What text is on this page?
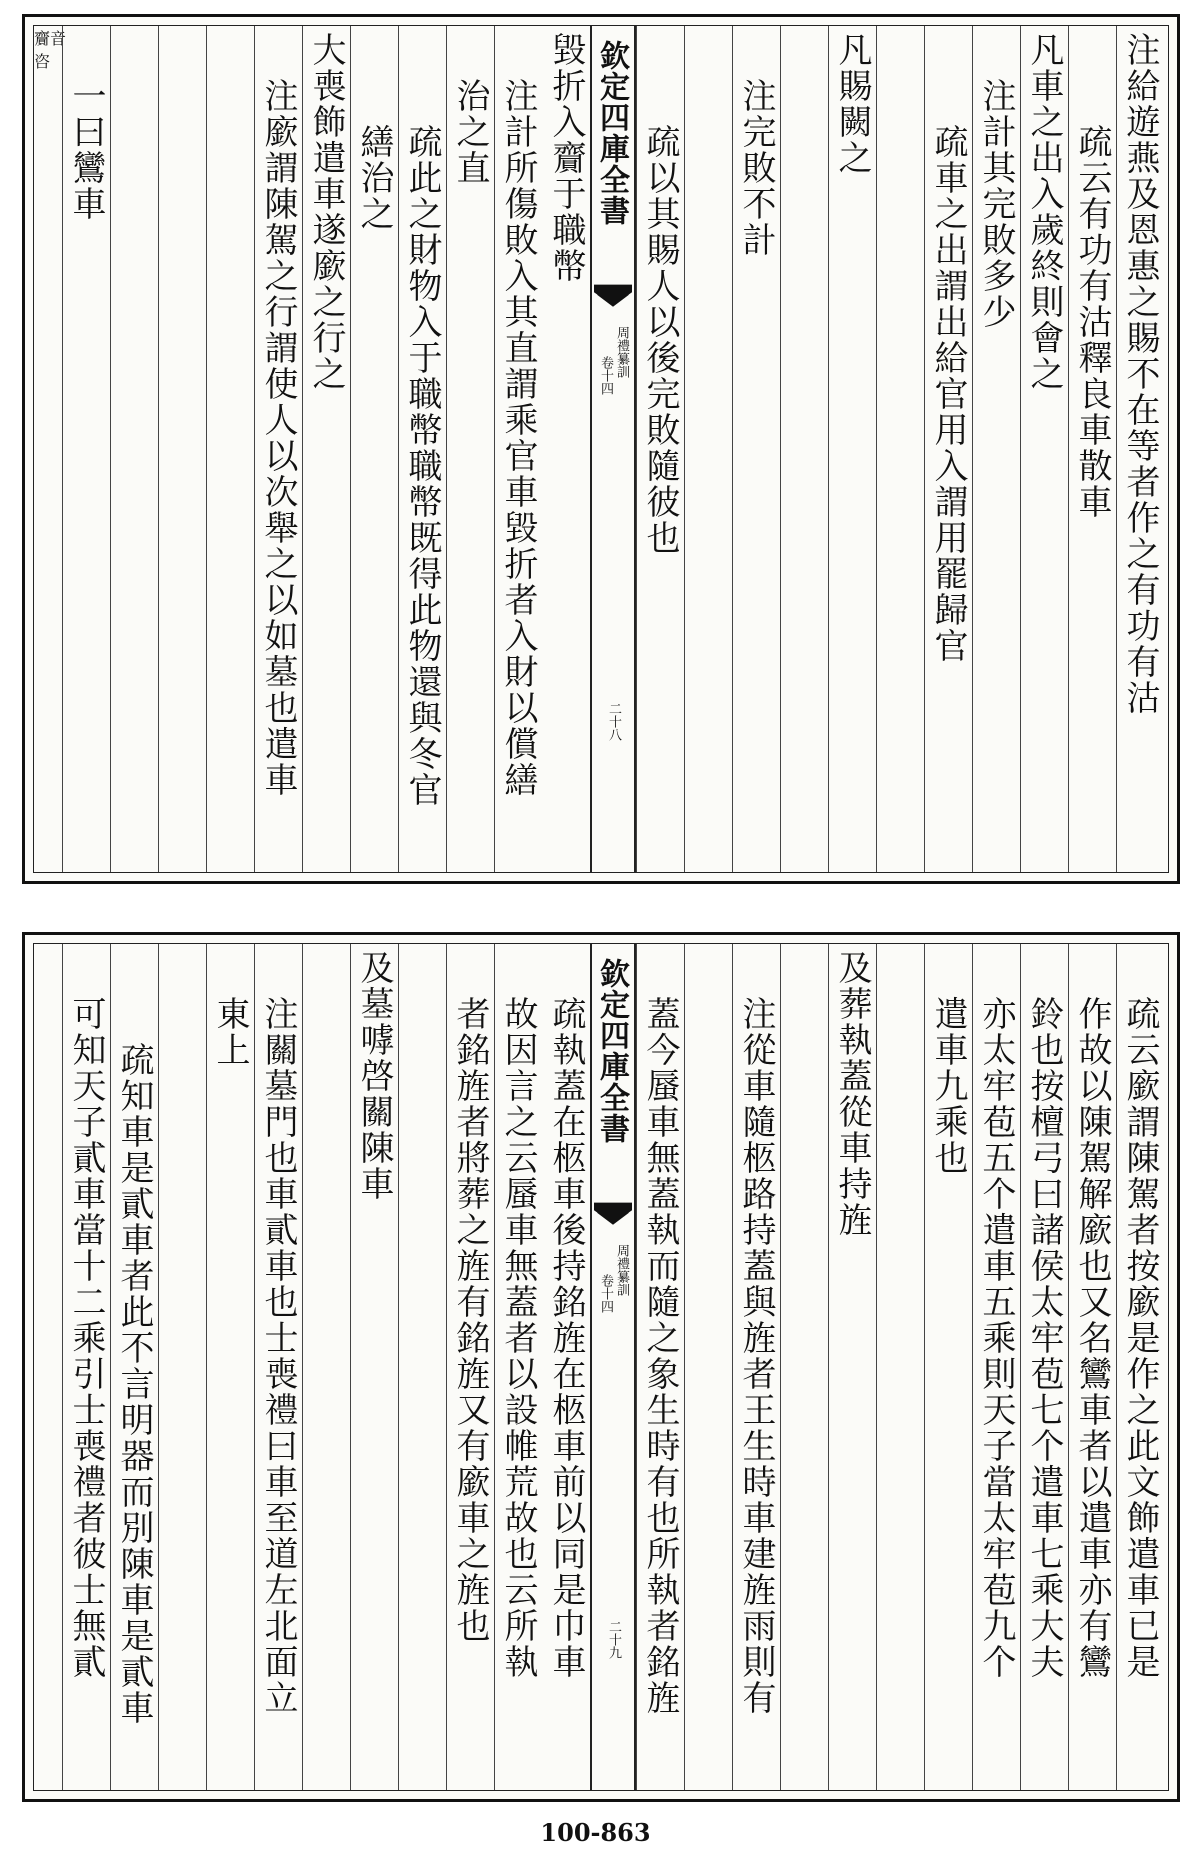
注給遊燕及恩惠之賜不在等者作之有功有沽
疏云有功有沽釋良車散車
凡車之出入歲終則會之
注計其完敗多少
疏車之出謂出給官用入謂用罷歸官
凡賜闕之
注完敗不計
疏以其賜人以後完敗隨彼也
欽定四庫全書
周禮纂訓
卷十四
二十八
毀折入齎于職幣
齎音
咨
注計所傷敗入其直謂乘官車毀折者入財以償繕
治之直
疏此之財物入于職幣職幣既得此物還與冬官
繕治之
大喪飾遣車遂廞之行之
注廞謂陳駕之行謂使人以次舉之以如墓也遣車
一曰鸞車
疏云廞謂陳駕者按廞是作之此文飾遣車已是
作故以陳駕解廞也又名鸞車者以遣車亦有鸞
鈴也按檀弓曰諸侯太牢苞七个遣車七乘大夫
亦太牢苞五个遣車五乘則天子當太牢苞九个
遣車九乘也
及葬執蓋從車持旌
注從車隨柩路持蓋與旌者王生時車建旌雨則有
蓋今蜃車無蓋執而隨之象生時有也所執者銘旌
欽定四庫全書
周禮纂訓
卷十四
二十九
疏執蓋在柩車後持銘旌在柩車前以同是巾車
故因言之云蜃車無蓋者以設帷荒故也云所執
者銘旌者將葬之旌有銘旌又有廞車之旌也
及墓嘑啓關陳車
注關墓門也車貳車也士喪禮曰車至道左北面立
東上
疏知車是貳車者此不言明器而別陳車是貳車
可知天子貳車當十二乘引士喪禮者彼士無貳
100-863
